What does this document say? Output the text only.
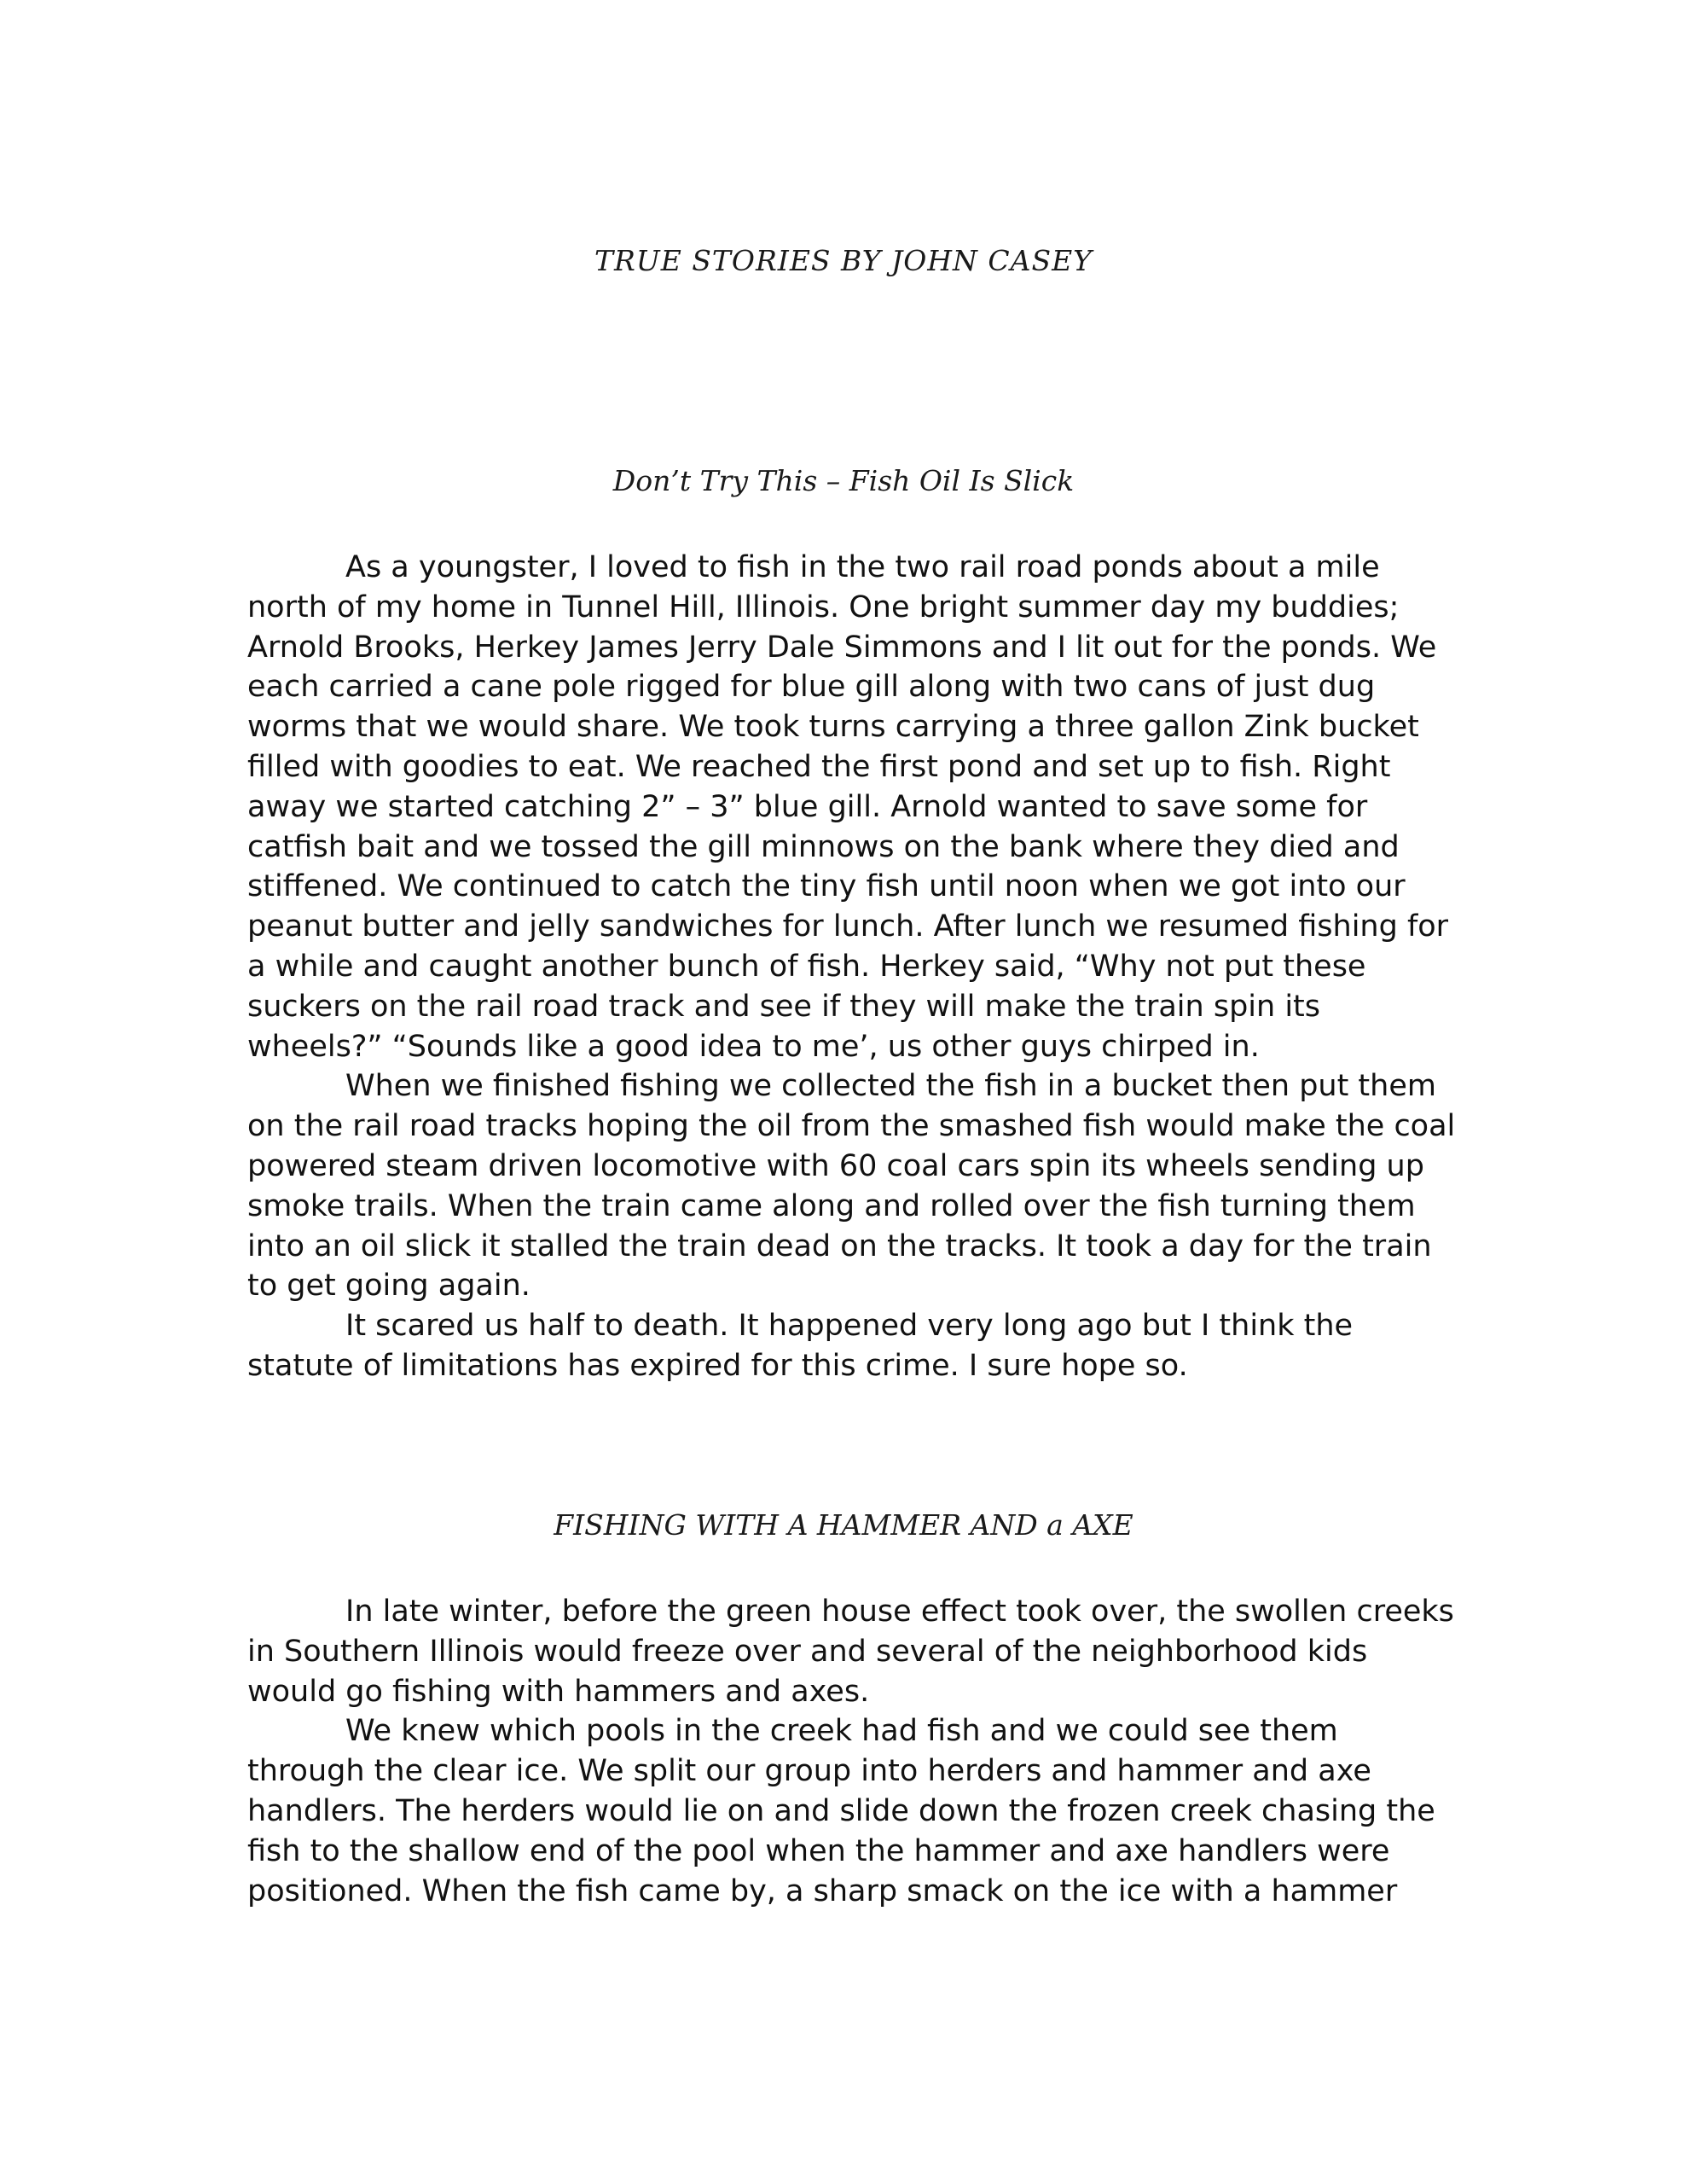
TRUE STORIES BY JOHN CASEY
Don’t Try This – Fish Oil Is Slick

As a youngster, I loved to fish in the two rail road ponds about a mile north of my home in Tunnel Hill, Illinois. One bright summer day my buddies; Arnold Brooks, Herkey James Jerry Dale Simmons and I lit out for the ponds. We each carried a cane pole rigged for blue gill along with two cans of just dug worms that we would share. We took turns carrying a three gallon Zink bucket filled with goodies to eat. We reached the first pond and set up to fish. Right away we started catching 2” – 3” blue gill. Arnold wanted to save some for catfish bait and we tossed the gill minnows on the bank where they died and stiffened. We continued to catch the tiny fish until noon when we got into our peanut butter and jelly sandwiches for lunch. After lunch we resumed fishing for a while and caught another bunch of fish. Herkey said, “Why not put these suckers on the rail road track and see if they will make the train spin its wheels?” “Sounds like a good idea to me’, us other guys chirped in.

When we finished fishing we collected the fish in a bucket then put them on the rail road tracks hoping the oil from the smashed fish would make the coal powered steam driven locomotive with 60 coal cars spin its wheels sending up smoke trails. When the train came along and rolled over the fish turning them into an oil slick it stalled the train dead on the tracks. It took a day for the train to get going again.

It scared us half to death. It happened very long ago but I think the statute of limitations has expired for this crime. I sure hope so.

FISHING WITH A HAMMER AND a AXE

In late winter, before the green house effect took over, the swollen creeks in Southern Illinois would freeze over and several of the neighborhood kids would go fishing with hammers and axes.

We knew which pools in the creek had fish and we could see them through the clear ice. We split our group into herders and hammer and axe handlers. The herders would lie on and slide down the frozen creek chasing the fish to the shallow end of the pool when the hammer and axe handlers were positioned. When the fish came by, a sharp smack on the ice with a hammer
